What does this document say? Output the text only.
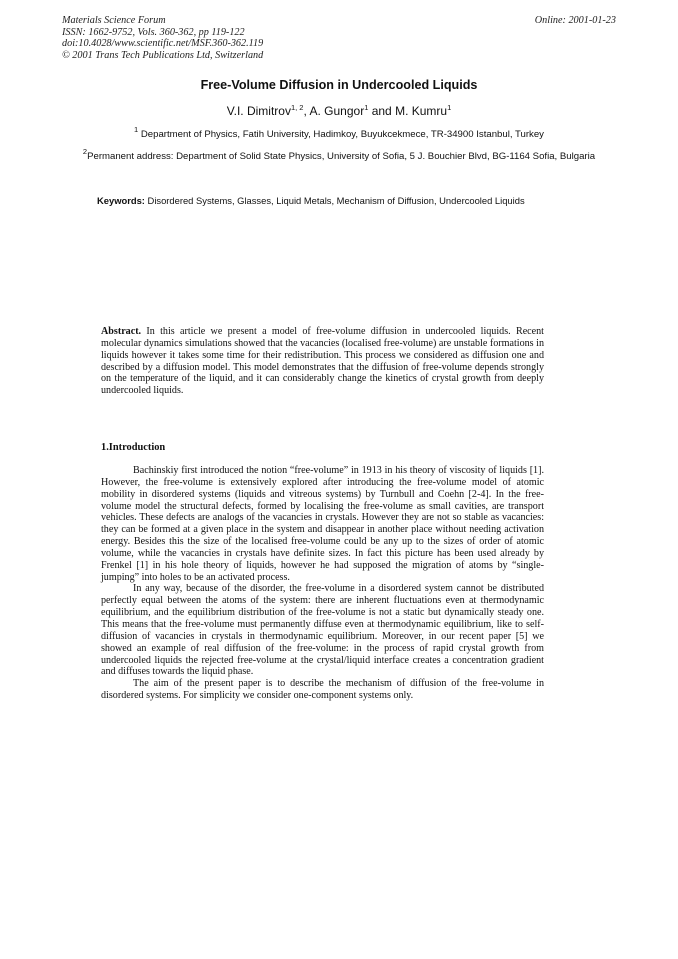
Materials Science Forum
ISSN: 1662-9752, Vols. 360-362, pp 119-122
doi:10.4028/www.scientific.net/MSF.360-362.119
© 2001 Trans Tech Publications Ltd, Switzerland
Online: 2001-01-23
Free-Volume Diffusion in Undercooled Liquids
V.I. Dimitrov$^{1, 2}$, A. Gungor$^1$ and M. Kumru$^1$
$^1$ Department of Physics, Fatih University, Hadimkoy, Buyukcekmece, TR-34900 Istanbul, Turkey
$^2$Permanent address: Department of Solid State Physics, University of Sofia, 5 J. Bouchier Blvd, BG-1164 Sofia, Bulgaria
Keywords: Disordered Systems, Glasses, Liquid Metals, Mechanism of Diffusion, Undercooled Liquids
Abstract. In this article we present a model of free-volume diffusion in undercooled liquids. Recent molecular dynamics simulations showed that the vacancies (localised free-volume) are unstable formations in liquids however it takes some time for their redistribution. This process we considered as diffusion one and described by a diffusion model. This model demonstrates that the diffusion of free-volume depends strongly on the temperature of the liquid, and it can considerably change the kinetics of crystal growth from deeply undercooled liquids.
1.Introduction

Bachinskiy first introduced the notion “free-volume” in 1913 in his theory of viscosity of liquids [1]. However, the free-volume is extensively explored after introducing the free-volume model of atomic mobility in disordered systems (liquids and vitreous systems) by Turnbull and Coehn [2-4]. In the free-volume model the structural defects, formed by localising the free-volume as small cavities, are transport vehicles. These defects are analogs of the vacancies in crystals. However they are not so stable as vacancies: they can be formed at a given place in the system and disappear in another place without needing activation energy. Besides this the size of the localised free-volume could be any up to the sizes of order of atomic volume, while the vacancies in crystals have definite sizes. In fact this picture has been used already by Frenkel [1] in his hole theory of liquids, however he had supposed the migration of atoms by “single-jumping” into holes to be an activated process.

In any way, because of the disorder, the free-volume in a disordered system cannot be distributed perfectly equal between the atoms of the system: there are inherent fluctuations even at thermodynamic equilibrium, and the equilibrium distribution of the free-volume is not a static but dynamically steady one. This means that the free-volume must permanently diffuse even at thermodynamic equilibrium, like to self-diffusion of vacancies in crystals in thermodynamic equilibrium. Moreover, in our recent paper [5] we showed an example of real diffusion of the free-volume: in the process of rapid crystal growth from undercooled liquids the rejected free-volume at the crystal/liquid interface creates a concentration gradient and diffuses towards the liquid phase.

The aim of the present paper is to describe the mechanism of diffusion of the free-volume in disordered systems. For simplicity we consider one-component systems only.
